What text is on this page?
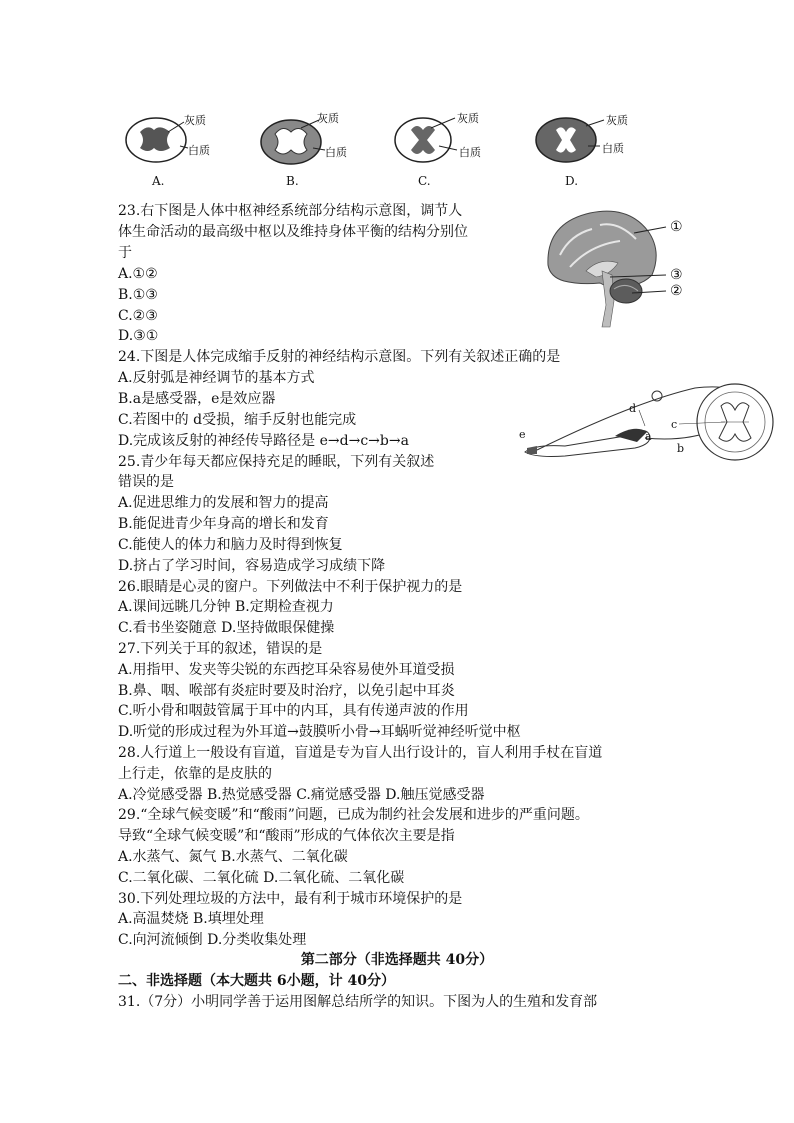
灰质
白质
A.
灰质
白质
B.
灰质
白质
C.
灰质
白质
D.
23.右下图是人体中枢神经系统部分结构示意图，调节人
体生命活动的最高级中枢以及维持身体平衡的结构分别位
于
A.①②
B.①③
C.②③
D.③①
①
③
②
24.下图是人体完成缩手反射的神经结构示意图。下列有关叙述正确的是
A.反射弧是神经调节的基本方式
B.a是感受器，e是效应器
C.若图中的 d受损，缩手反射也能完成
D.完成该反射的神经传导路径是 e→d→c→b→a
d
e	a
c
b
25.青少年每天都应保持充足的睡眠，下列有关叙述
错误的是
A.促进思维力的发展和智力的提高
B.能促进青少年身高的增长和发育
C.能使人的体力和脑力及时得到恢复
D.挤占了学习时间，容易造成学习成绩下降
26.眼睛是心灵的窗户。下列做法中不利于保护视力的是
A.课间远眺几分钟 B.定期检查视力
C.看书坐姿随意 D.坚持做眼保健操
27.下列关于耳的叙述，错误的是
A.用指甲、发夹等尖锐的东西挖耳朵容易使外耳道受损
B.鼻、咽、喉部有炎症时要及时治疗，以免引起中耳炎
C.听小骨和咽鼓管属于耳中的内耳，具有传递声波的作用
D.听觉的形成过程为外耳道→鼓膜听小骨→耳蜗听觉神经听觉中枢
28.人行道上一般设有盲道，盲道是专为盲人出行设计的，盲人利用手杖在盲道
上行走，依靠的是皮肤的
A.冷觉感受器 B.热觉感受器 C.痛觉感受器 D.触压觉感受器
29.“全球气候变暖”和“酸雨”问题，已成为制约社会发展和进步的严重问题。
导致“全球气候变暖”和“酸雨”形成的气体依次主要是指
A.水蒸气、氮气 B.水蒸气、二氧化碳
C.二氧化碳、二氧化硫 D.二氧化硫、二氧化碳
30.下列处理垃圾的方法中，最有利于城市环境保护的是
A.高温焚烧 B.填埋处理
C.向河流倾倒 D.分类收集处理
第二部分（非选择题共 40分）
二、非选择题（本大题共 6小题，计 40分）
31.（7分）小明同学善于运用图解总结所学的知识。下图为人的生殖和发育部
